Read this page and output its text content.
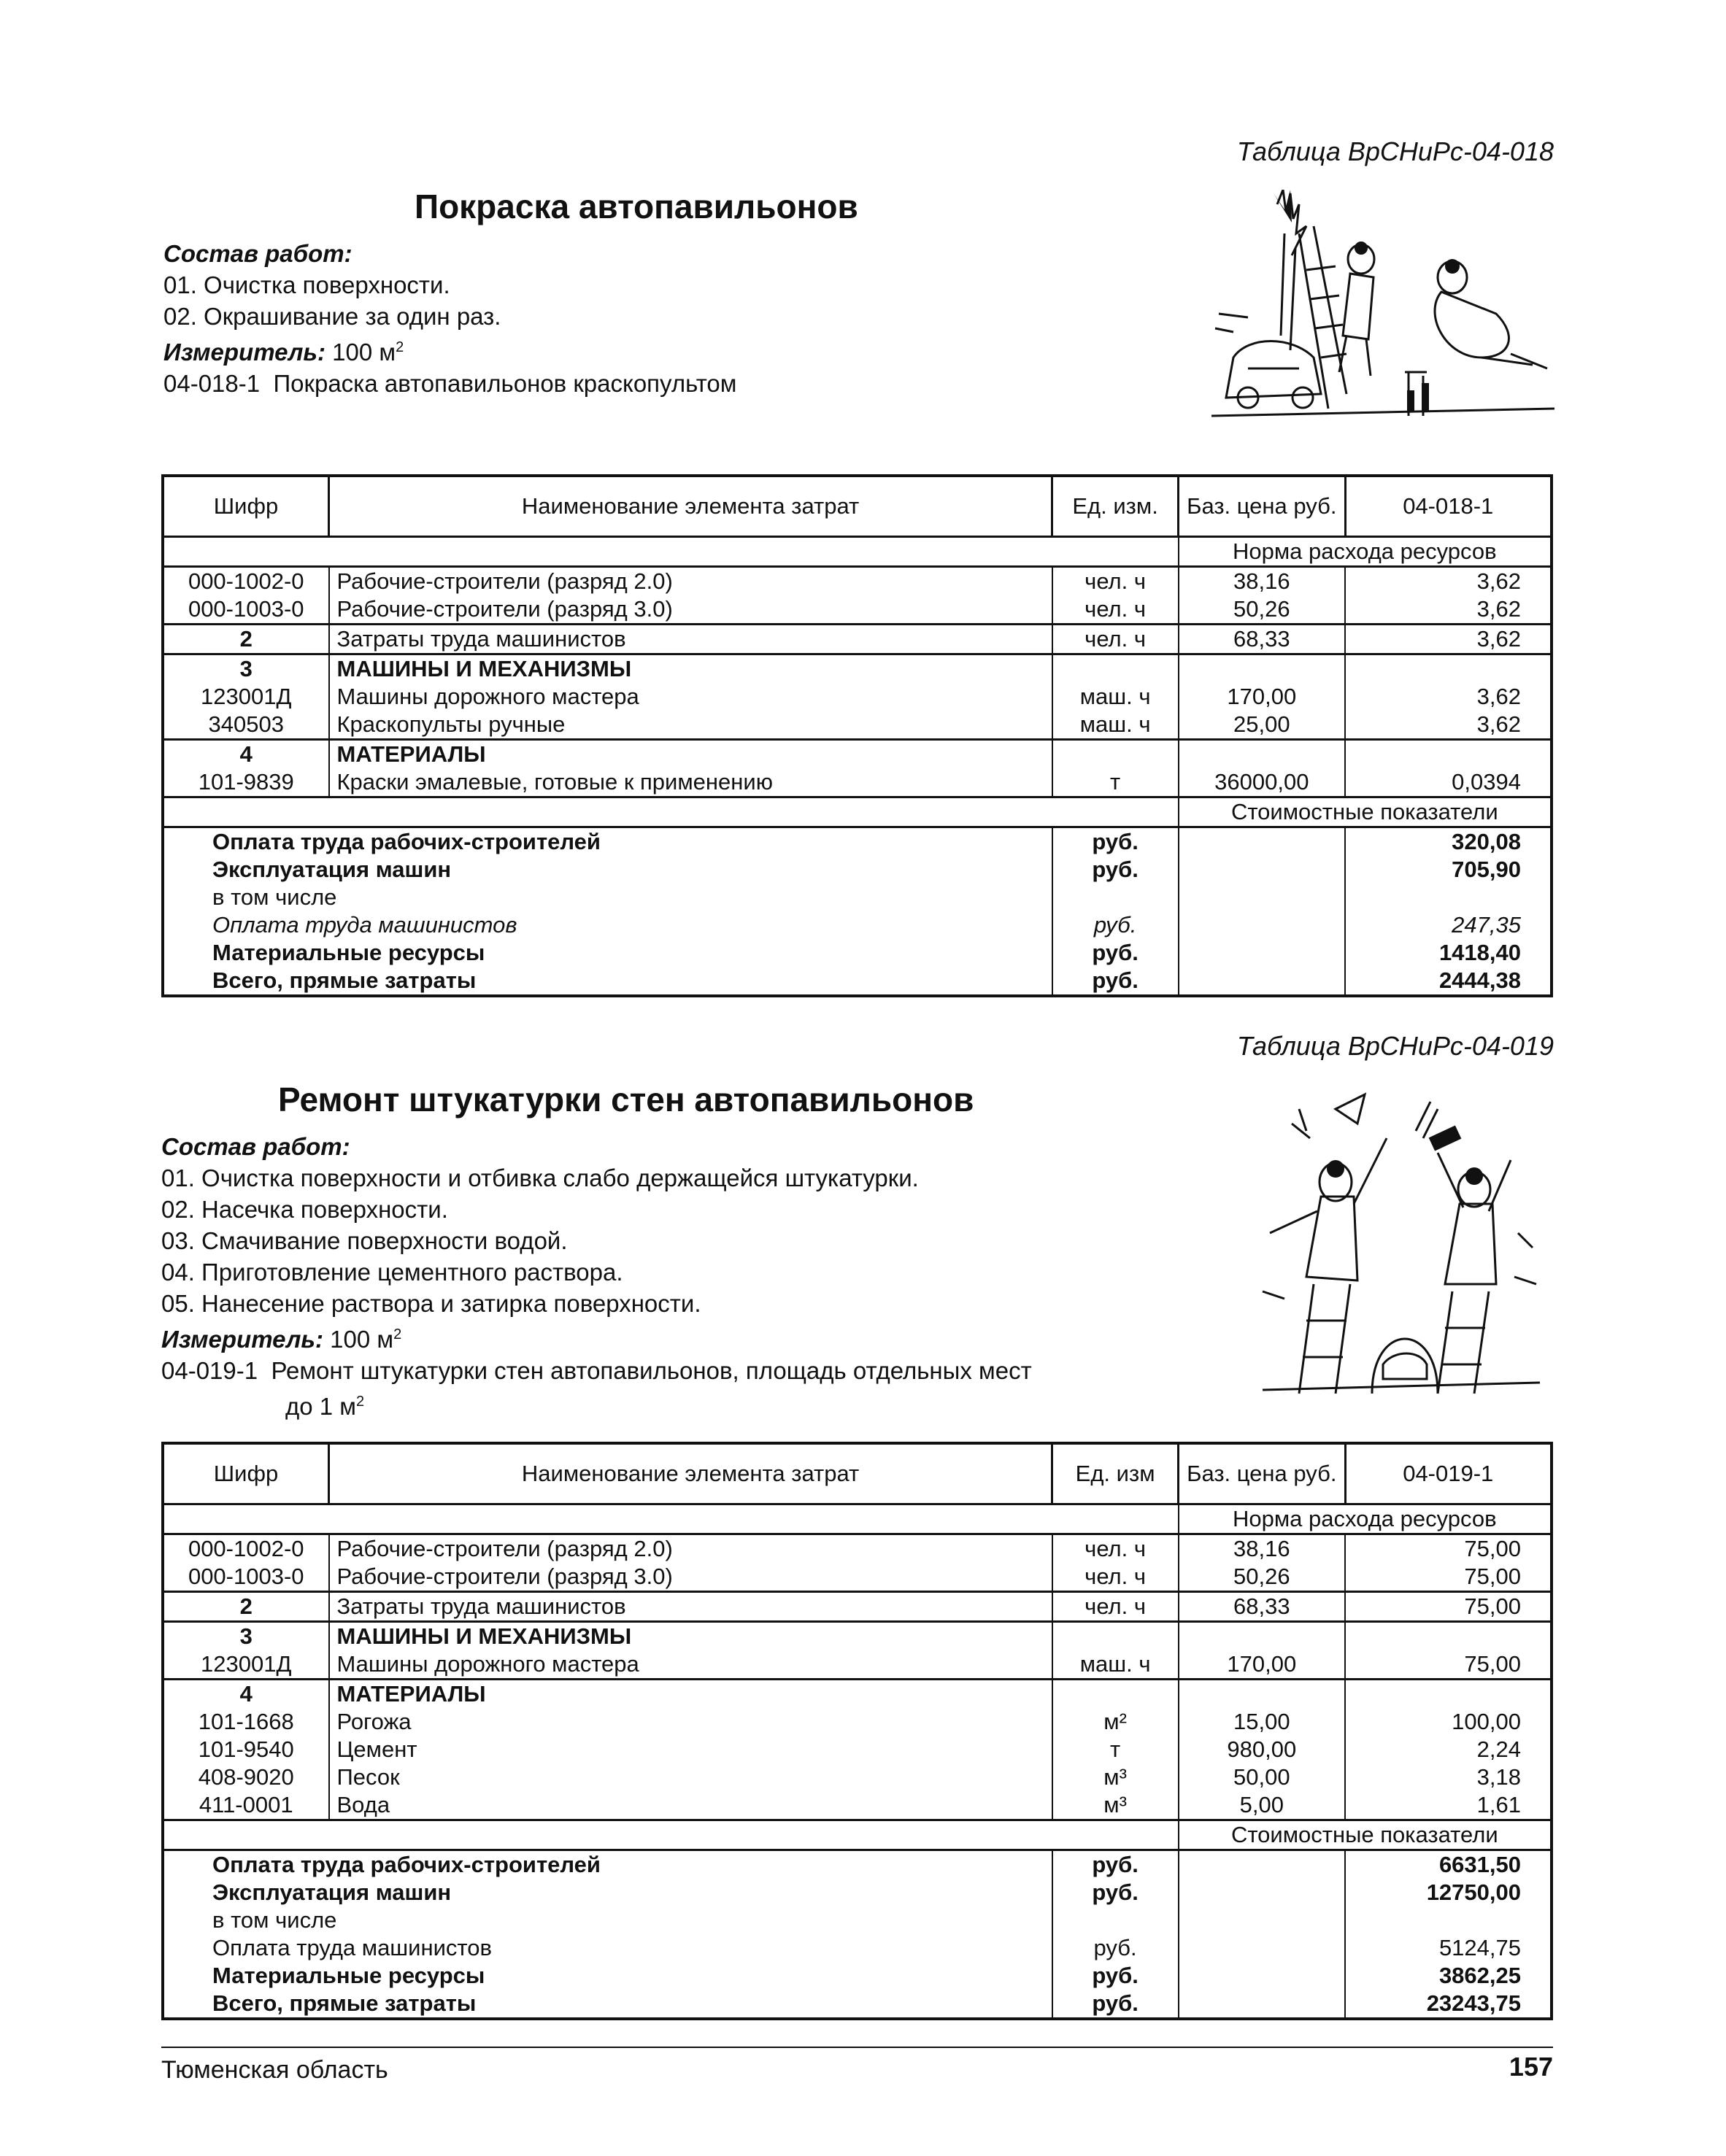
Таблица ВрСНиРс-04-018
Покраска автопавильонов
Состав работ:
01. Очистка поверхности.
02. Окрашивание за один раз.
Измеритель: 100 $м^2$
04-018-1 Покраска автопавильонов краскопультом
Шифр	Наименование элемента затрат	Ед. изм.	Баз. цена руб.	04-018-1
			Норма расхода ресурсов	
000-1002-0	Рабочие-строители (разряд 2.0)	чел. ч	38,16	3,62
000-1003-0	Рабочие-строители (разряд 3.0)	чел. ч	50,26	3,62
2	Затраты труда машинистов	чел. ч	68,33	3,62
3	МАШИНЫ И МЕХАНИЗМЫ			
123001Д	Машины дорожного мастера	маш. ч	170,00	3,62
340503	Краскопульты ручные	маш. ч	25,00	3,62
4	МАТЕРИАЛЫ			
101-9839	Краски эмалевые, готовые к применению	т	36000,00	0,0394
			Стоимостные показатели	
Оплата труда рабочих-строителей		руб.		320,08
Эксплуатация машин		руб.		705,90
в том числе				
Оплата труда машинистов		руб.		247,35
Материальные ресурсы		руб.		1418,40
Всего, прямые затраты		руб.		2444,38
Таблица ВрСНиРс-04-019
Ремонт штукатурки стен автопавильонов
Состав работ:
01. Очистка поверхности и отбивка слабо держащейся штукатурки.
02. Насечка поверхности.
03. Смачивание поверхности водой.
04. Приготовление цементного раствора.
05. Нанесение раствора и затирка поверхности.
Измеритель: 100 $м^2$
04-019-1 Ремонт штукатурки стен автопавильонов, площадь отдельных мест
до 1 $м^2$
Шифр	Наименование элемента затрат	Ед. изм	Баз. цена руб.	04-019-1
			Норма расхода ресурсов	
000-1002-0	Рабочие-строители (разряд 2.0)	чел. ч	38,16	75,00
000-1003-0	Рабочие-строители (разряд 3.0)	чел. ч	50,26	75,00
2	Затраты труда машинистов	чел. ч	68,33	75,00
3	МАШИНЫ И МЕХАНИЗМЫ			
123001Д	Машины дорожного мастера	маш. ч	170,00	75,00
4	МАТЕРИАЛЫ			
101-1668	Рогожа	м²	15,00	100,00
101-9540	Цемент	т	980,00	2,24
408-9020	Песок	м³	50,00	3,18
411-0001	Вода	м³	5,00	1,61
			Стоимостные показатели	
Оплата труда рабочих-строителей		руб.		6631,50
Эксплуатация машин		руб.		12750,00
в том числе				
Оплата труда машинистов		руб.		5124,75
Материальные ресурсы		руб.		3862,25
Всего, прямые затраты		руб.		23243,75
Тюменская область	157
